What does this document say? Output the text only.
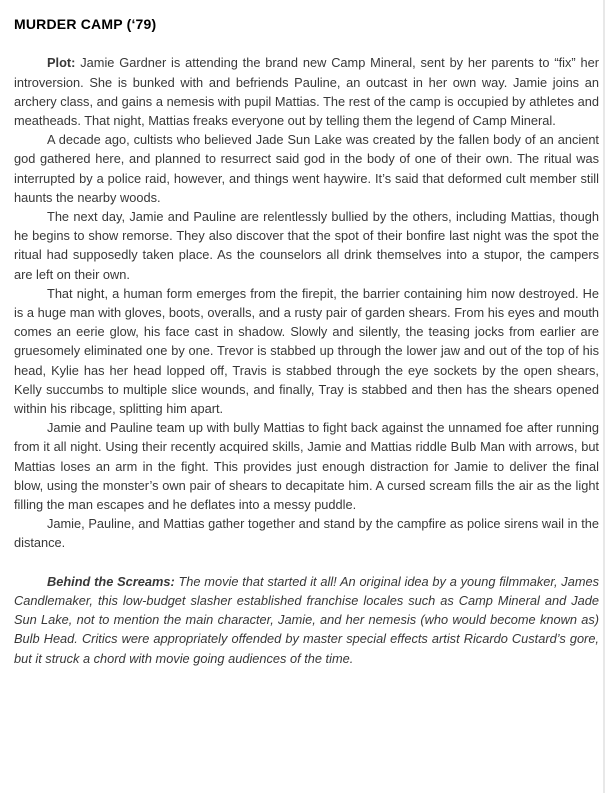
MURDER CAMP (‘79)

Plot: Jamie Gardner is attending the brand new Camp Mineral, sent by her parents to “fix” her introversion. She is bunked with and befriends Pauline, an outcast in her own way. Jamie joins an archery class, and gains a nemesis with pupil Mattias. The rest of the camp is occupied by athletes and meatheads. That night, Mattias freaks everyone out by telling them the legend of Camp Mineral.

A decade ago, cultists who believed Jade Sun Lake was created by the fallen body of an ancient god gathered here, and planned to resurrect said god in the body of one of their own. The ritual was interrupted by a police raid, however, and things went haywire. It’s said that deformed cult member still haunts the nearby woods.

The next day, Jamie and Pauline are relentlessly bullied by the others, including Mattias, though he begins to show remorse. They also discover that the spot of their bonfire last night was the spot the ritual had supposedly taken place. As the counselors all drink themselves into a stupor, the campers are left on their own.

That night, a human form emerges from the firepit, the barrier containing him now destroyed. He is a huge man with gloves, boots, overalls, and a rusty pair of garden shears. From his eyes and mouth comes an eerie glow, his face cast in shadow. Slowly and silently, the teasing jocks from earlier are gruesomely eliminated one by one. Trevor is stabbed up through the lower jaw and out of the top of his head, Kylie has her head lopped off, Travis is stabbed through the eye sockets by the open shears, Kelly succumbs to multiple slice wounds, and finally, Tray is stabbed and then has the shears opened within his ribcage, splitting him apart.

Jamie and Pauline team up with bully Mattias to fight back against the unnamed foe after running from it all night. Using their recently acquired skills, Jamie and Mattias riddle Bulb Man with arrows, but Mattias loses an arm in the fight. This provides just enough distraction for Jamie to deliver the final blow, using the monster’s own pair of shears to decapitate him. A cursed scream fills the air as the light filling the man escapes and he deflates into a messy puddle.

Jamie, Pauline, and Mattias gather together and stand by the campfire as police sirens wail in the distance.

Behind the Screams: The movie that started it all! An original idea by a young filmmaker, James Candlemaker, this low-budget slasher established franchise locales such as Camp Mineral and Jade Sun Lake, not to mention the main character, Jamie, and her nemesis (who would become known as) Bulb Head. Critics were appropriately offended by master special effects artist Ricardo Custard’s gore, but it struck a chord with movie going audiences of the time.
